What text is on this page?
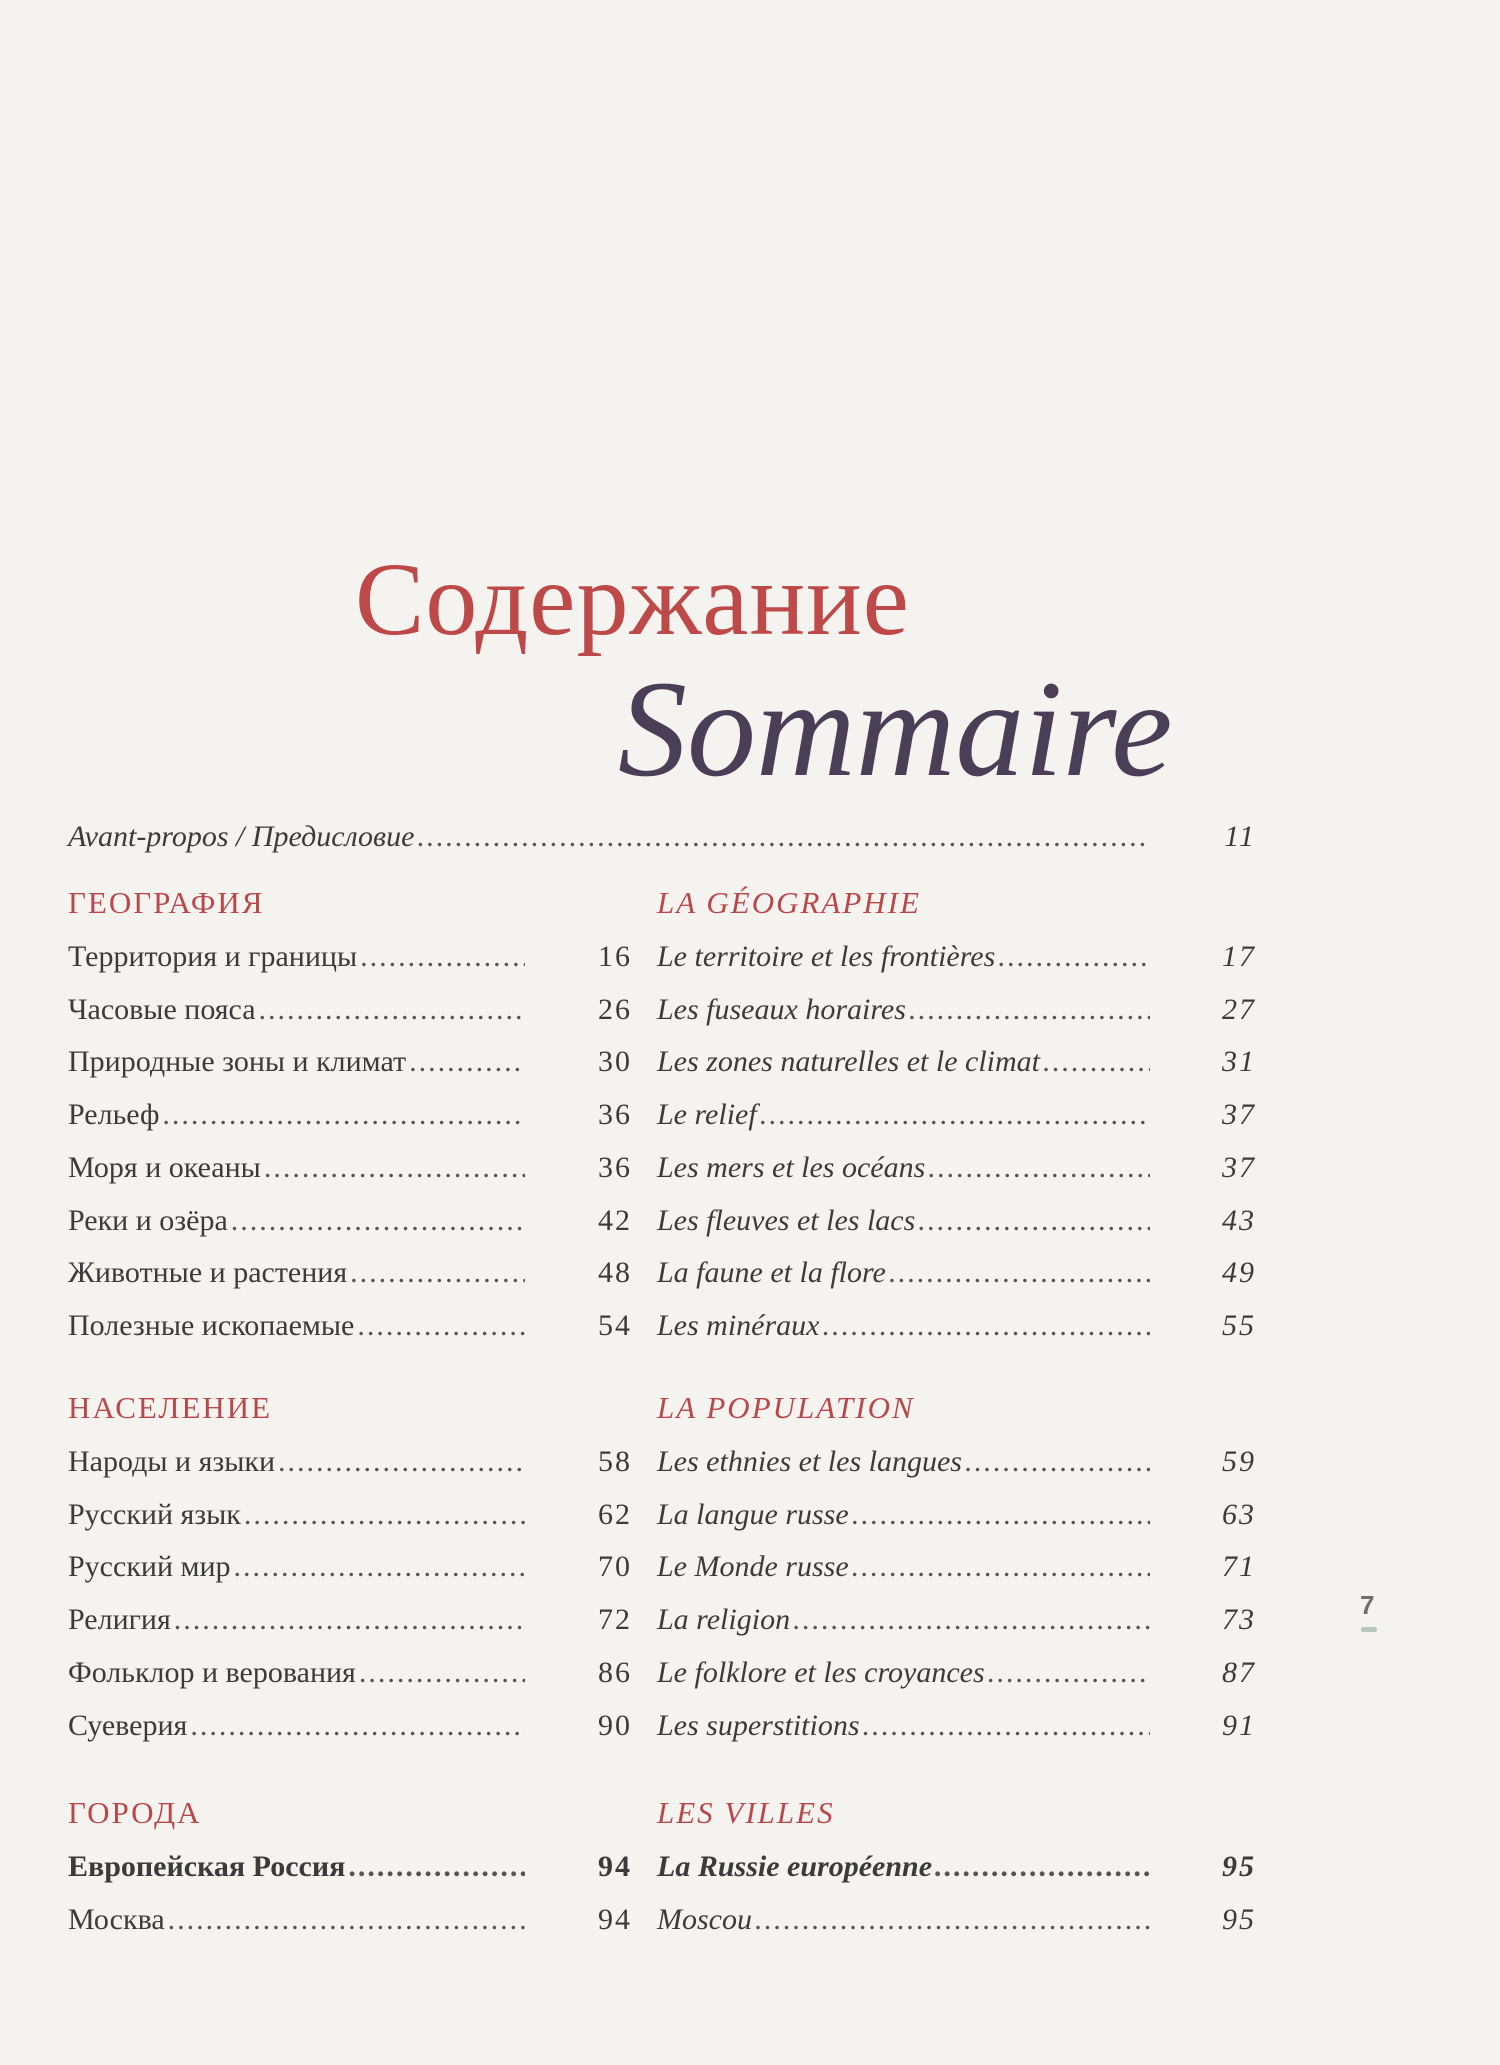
Содержание
Sommaire
Avant-propos / Предисловие .....	11
ГЕОГРАФИЯ	LA GÉOGRAPHIE
Территория и границы .....	16 Le territoire et les frontières .....	17
Часовые пояса .....	26 Les fuseaux horaires .....	27
Природные зоны и климат .....	30 Les zones naturelles et le climat .....	31
Рельеф .....	36 Le relief .....	37
Моря и океаны .....	36 Les mers et les océans .....	37
Реки и озёра .....	42 Les fleuves et les lacs .....	43
Животные и растения .....	48 La faune et la flore .....	49
Полезные ископаемые .....	54 Les minéraux .....	55
НАСЕЛЕНИЕ	LA POPULATION
Народы и языки .....	58 Les ethnies et les langues .....	59
Русский язык .....	62 La langue russe .....	63
Русский мир .....	70 Le Monde russe .....	71
Религия .....	72 La religion .....	73
Фольклор и верования .....	86 Le folklore et les croyances .....	87
Суеверия .....	90 Les superstitions .....	91
ГОРОДА	LES VILLES
Европейская Россия .....	94 La Russie européenne .....	95
Москва .....	94 Moscou .....	95
7
